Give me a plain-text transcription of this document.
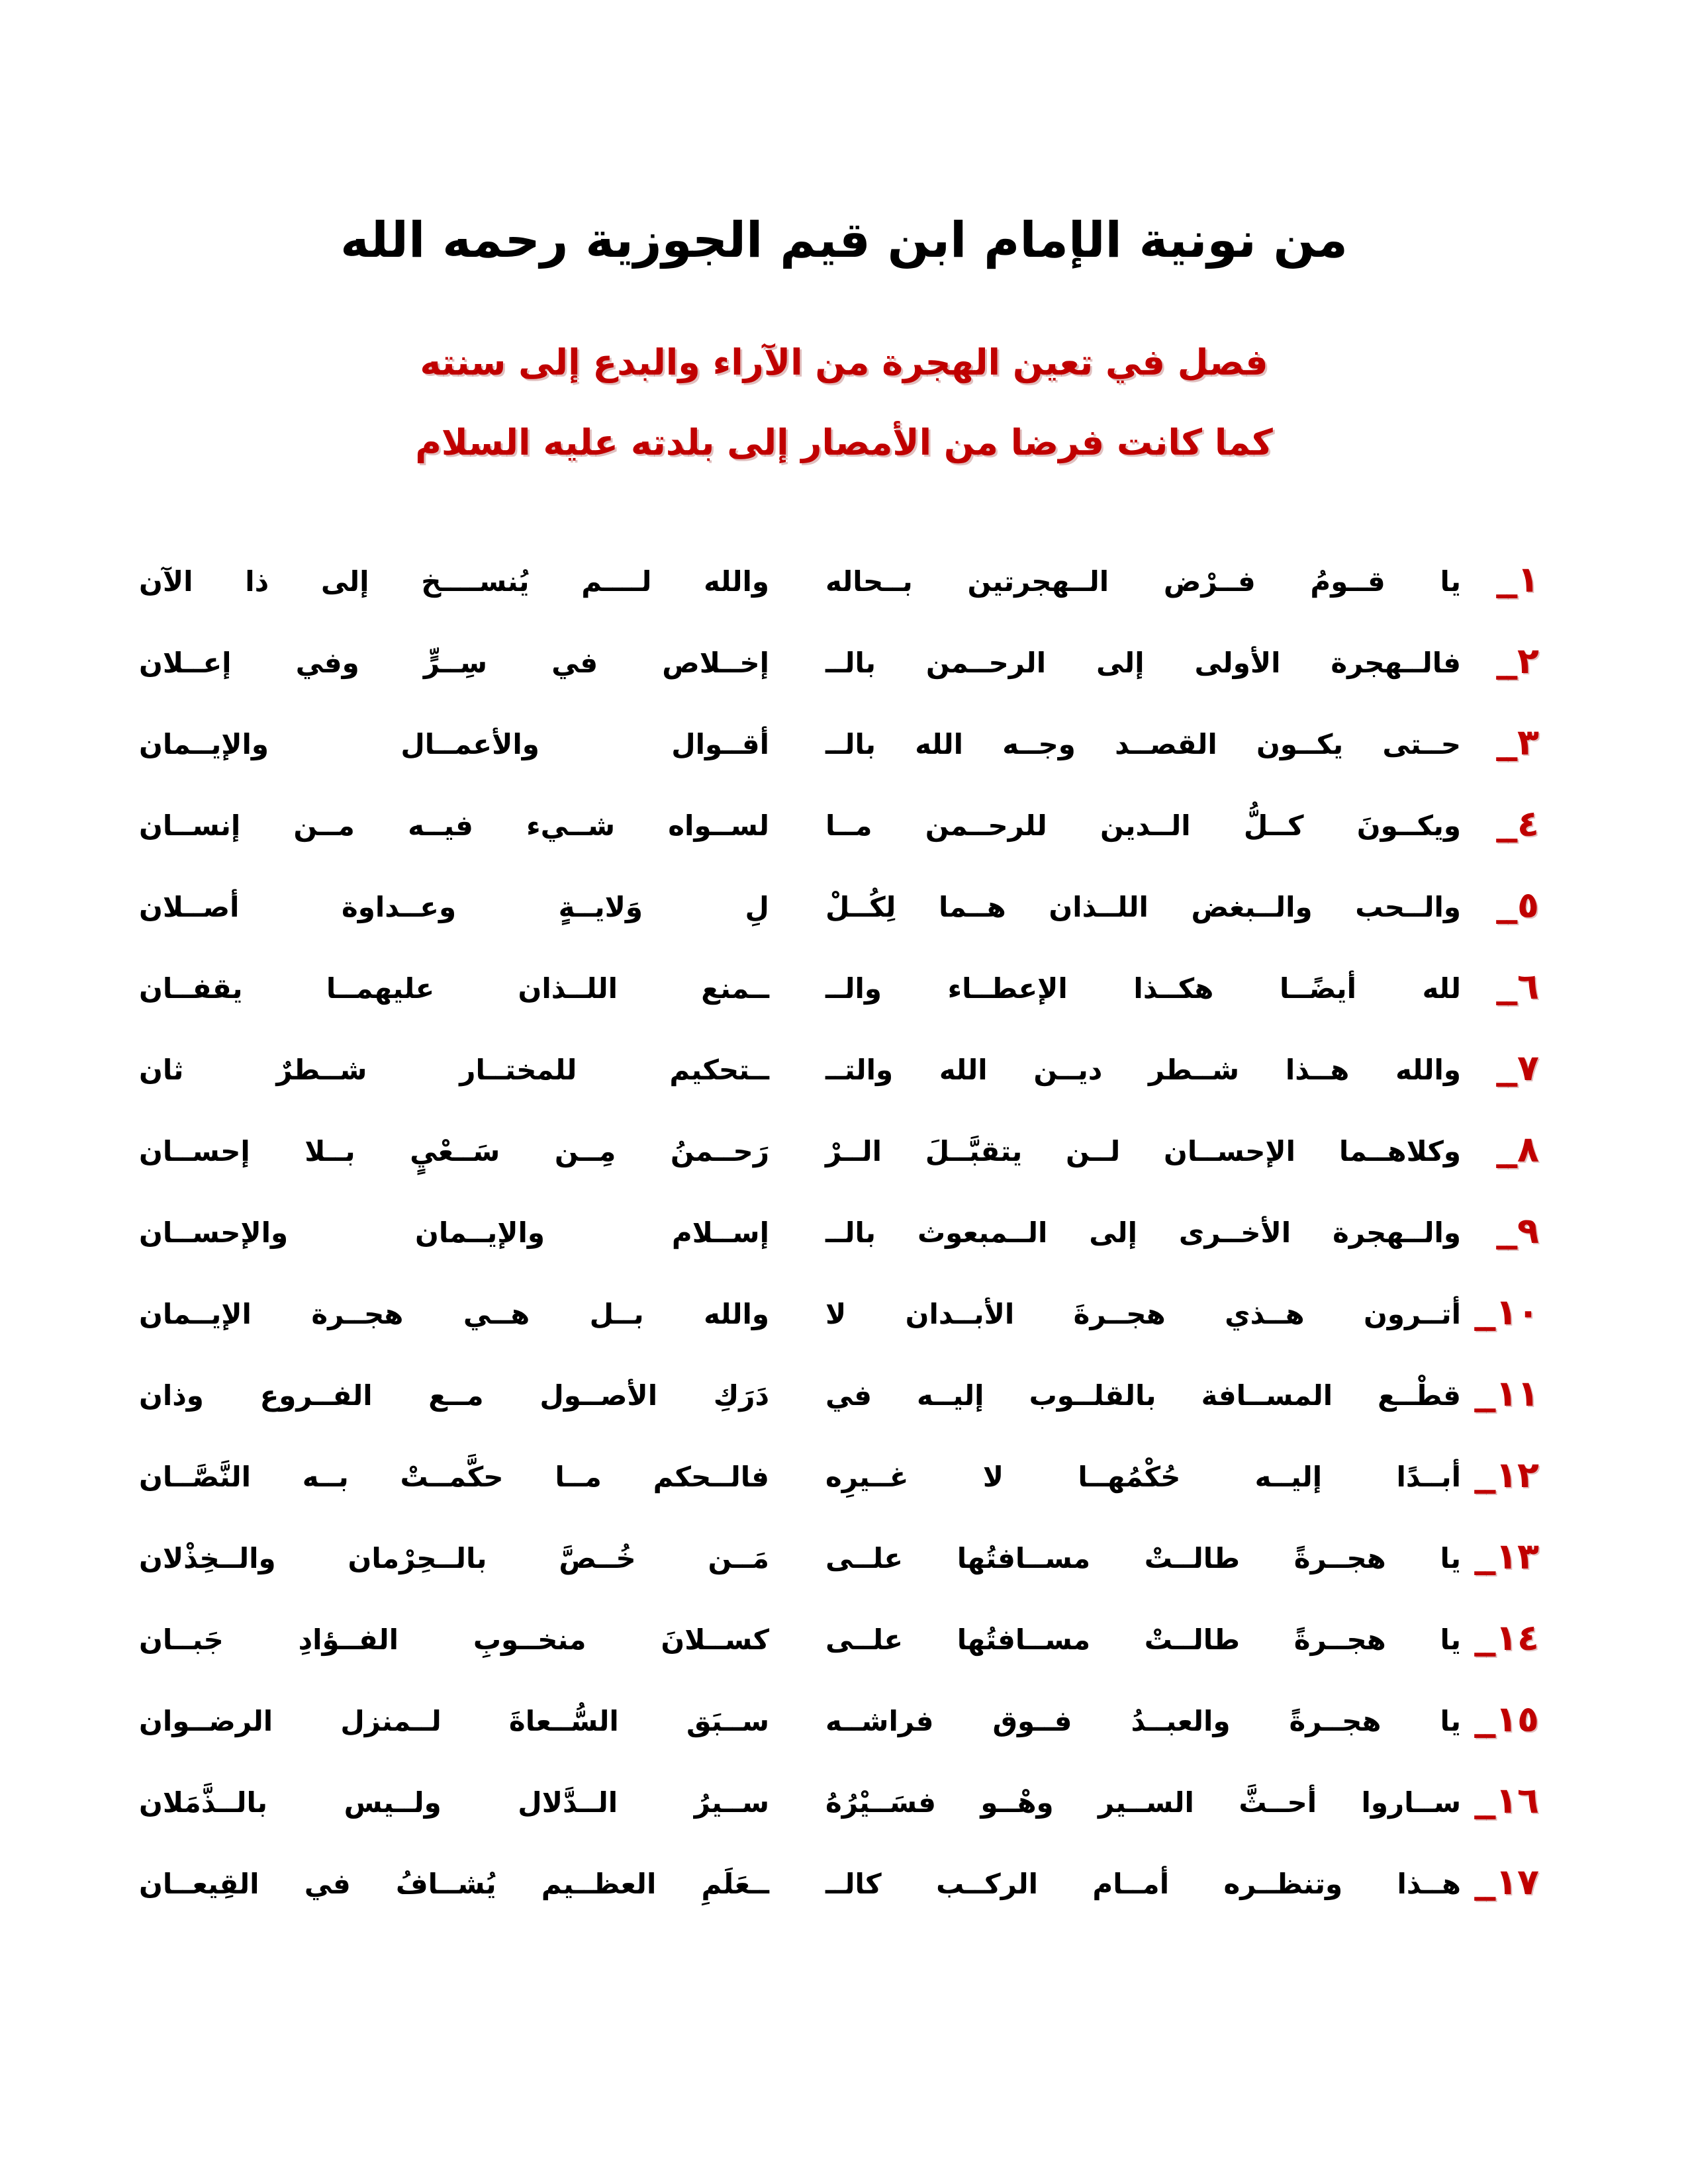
من نونية الإمام ابن قيم الجوزية رحمه الله
فصل في تعين الهجرة من الآراء والبدع إلى سنته
كما كانت فرضا من الأمصار إلى بلدته عليه السلام
١ــ
يا قــومُ فــرْض الــهجرتين بــحاله
والله لــــم يُنســــخ إلى ذا الآن
٢ــ
فالــهجرة الأولى إلى الرحــمن بالــ
إخــلاص في سِــرٍّ وفي إعــلان
٣ــ
حــتى يكــون القصــد وجــه الله بالــ
أقــوال والأعمــال والإيــمان
٤ــ
ويكــونَ كــلُّ الــدين للرحــمن مــا
لســواه شــيء فيــه مــن إنســان
٥ــ
والــحب والــبغض اللــذان هــما لِكُــلْ
لِ وَلايــةٍ وعــداوة أصــلان
٦ــ
لله أيضًــا هكــذا الإعطــاء والــ
ــمنع اللــذان عليهمــا يقفــان
٧ــ
والله هــذا شــطر ديــن الله والتــ
ــتحكيم للمختــار شــطرٌ ثان
٨ــ
وكلاهــما الإحســان لــن يتقبَّــلَ الــرْ
رَحــمنُ مِــن سَــعْيٍ بــلا إحســان
٩ــ
والــهجرة الأخــرى إلى الــمبعوث بالــ
إســلام والإيــمان والإحســان
١٠ــ
أتــرون هــذي هجــرةَ الأبــدان لا
والله بــل هــي هجــرة الإيــمان
١١ــ
قطْــع المســافة بالقلــوب إليــه في
دَرَكِ الأصــول مــع الفــروع وذان
١٢ــ
أبــدًا إليــه حُكْمُهــا لا غــيرِه
فالــحكم مــا حكَّمــتْ بــه النَّصَّــان
١٣ــ
يا هجــرةً طالــتْ مســافتُها علــى
مَــن خُــصَّ بالــحِرْمان والــخِذْلان
١٤ــ
يا هجــرةً طالــتْ مســافتُها علــى
كســلانَ منخــوبِ الفــؤادِ جَبــان
١٥ــ
يا هجــرةً والعبــدُ فــوق فراشــه
ســبَق السُّــعاةَ لــمنزل الرضــوان
١٦ــ
ســاروا أحــثَّ الســير وهْــو فسَــيْرُهُ
ســيرُ الــدَّلال ولــيس بالــذَّمَلان
١٧ــ
هــذا وتنظــره أمــام الركــب كالــ
ــعَلَمِ العظــيم يُشــافُ في القِيعــان
